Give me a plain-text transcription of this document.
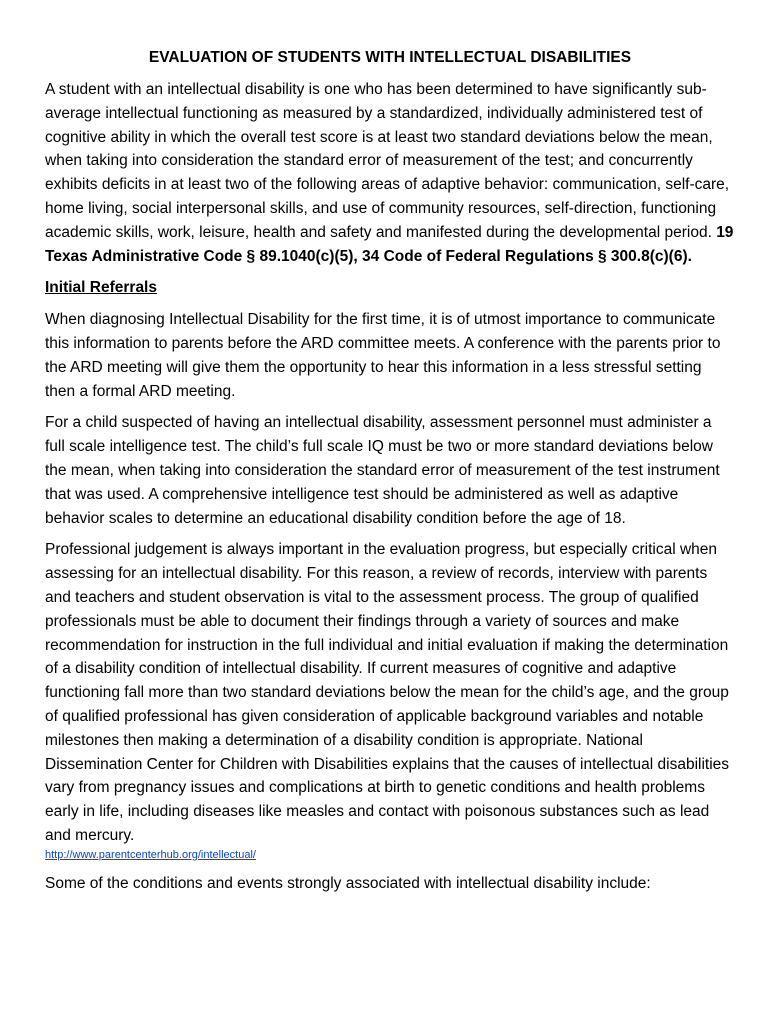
EVALUATION OF STUDENTS WITH INTELLECTUAL DISABILITIES

A student with an intellectual disability is one who has been determined to have significantly sub-average intellectual functioning as measured by a standardized, individually administered test of cognitive ability in which the overall test score is at least two standard deviations below the mean, when taking into consideration the standard error of measurement of the test; and concurrently exhibits deficits in at least two of the following areas of adaptive behavior: communication, self-care, home living, social interpersonal skills, and use of community resources, self-direction, functioning academic skills, work, leisure, health and safety and manifested during the developmental period. 19 Texas Administrative Code § 89.1040(c)(5), 34 Code of Federal Regulations § 300.8(c)(6).

Initial Referrals

When diagnosing Intellectual Disability for the first time, it is of utmost importance to communicate this information to parents before the ARD committee meets. A conference with the parents prior to the ARD meeting will give them the opportunity to hear this information in a less stressful setting then a formal ARD meeting.

For a child suspected of having an intellectual disability, assessment personnel must administer a full scale intelligence test. The child’s full scale IQ must be two or more standard deviations below the mean, when taking into consideration the standard error of measurement of the test instrument that was used. A comprehensive intelligence test should be administered as well as adaptive behavior scales to determine an educational disability condition before the age of 18.

Professional judgement is always important in the evaluation progress, but especially critical when assessing for an intellectual disability. For this reason, a review of records, interview with parents and teachers and student observation is vital to the assessment process. The group of qualified professionals must be able to document their findings through a variety of sources and make recommendation for instruction in the full individual and initial evaluation if making the determination of a disability condition of intellectual disability. If current measures of cognitive and adaptive functioning fall more than two standard deviations below the mean for the child’s age, and the group of qualified professional has given consideration of applicable background variables and notable milestones then making a determination of a disability condition is appropriate. National Dissemination Center for Children with Disabilities explains that the causes of intellectual disabilities vary from pregnancy issues and complications at birth to genetic conditions and health problems early in life, including diseases like measles and contact with poisonous substances such as lead and mercury.

http://www.parentcenterhub.org/intellectual/

Some of the conditions and events strongly associated with intellectual disability include:
